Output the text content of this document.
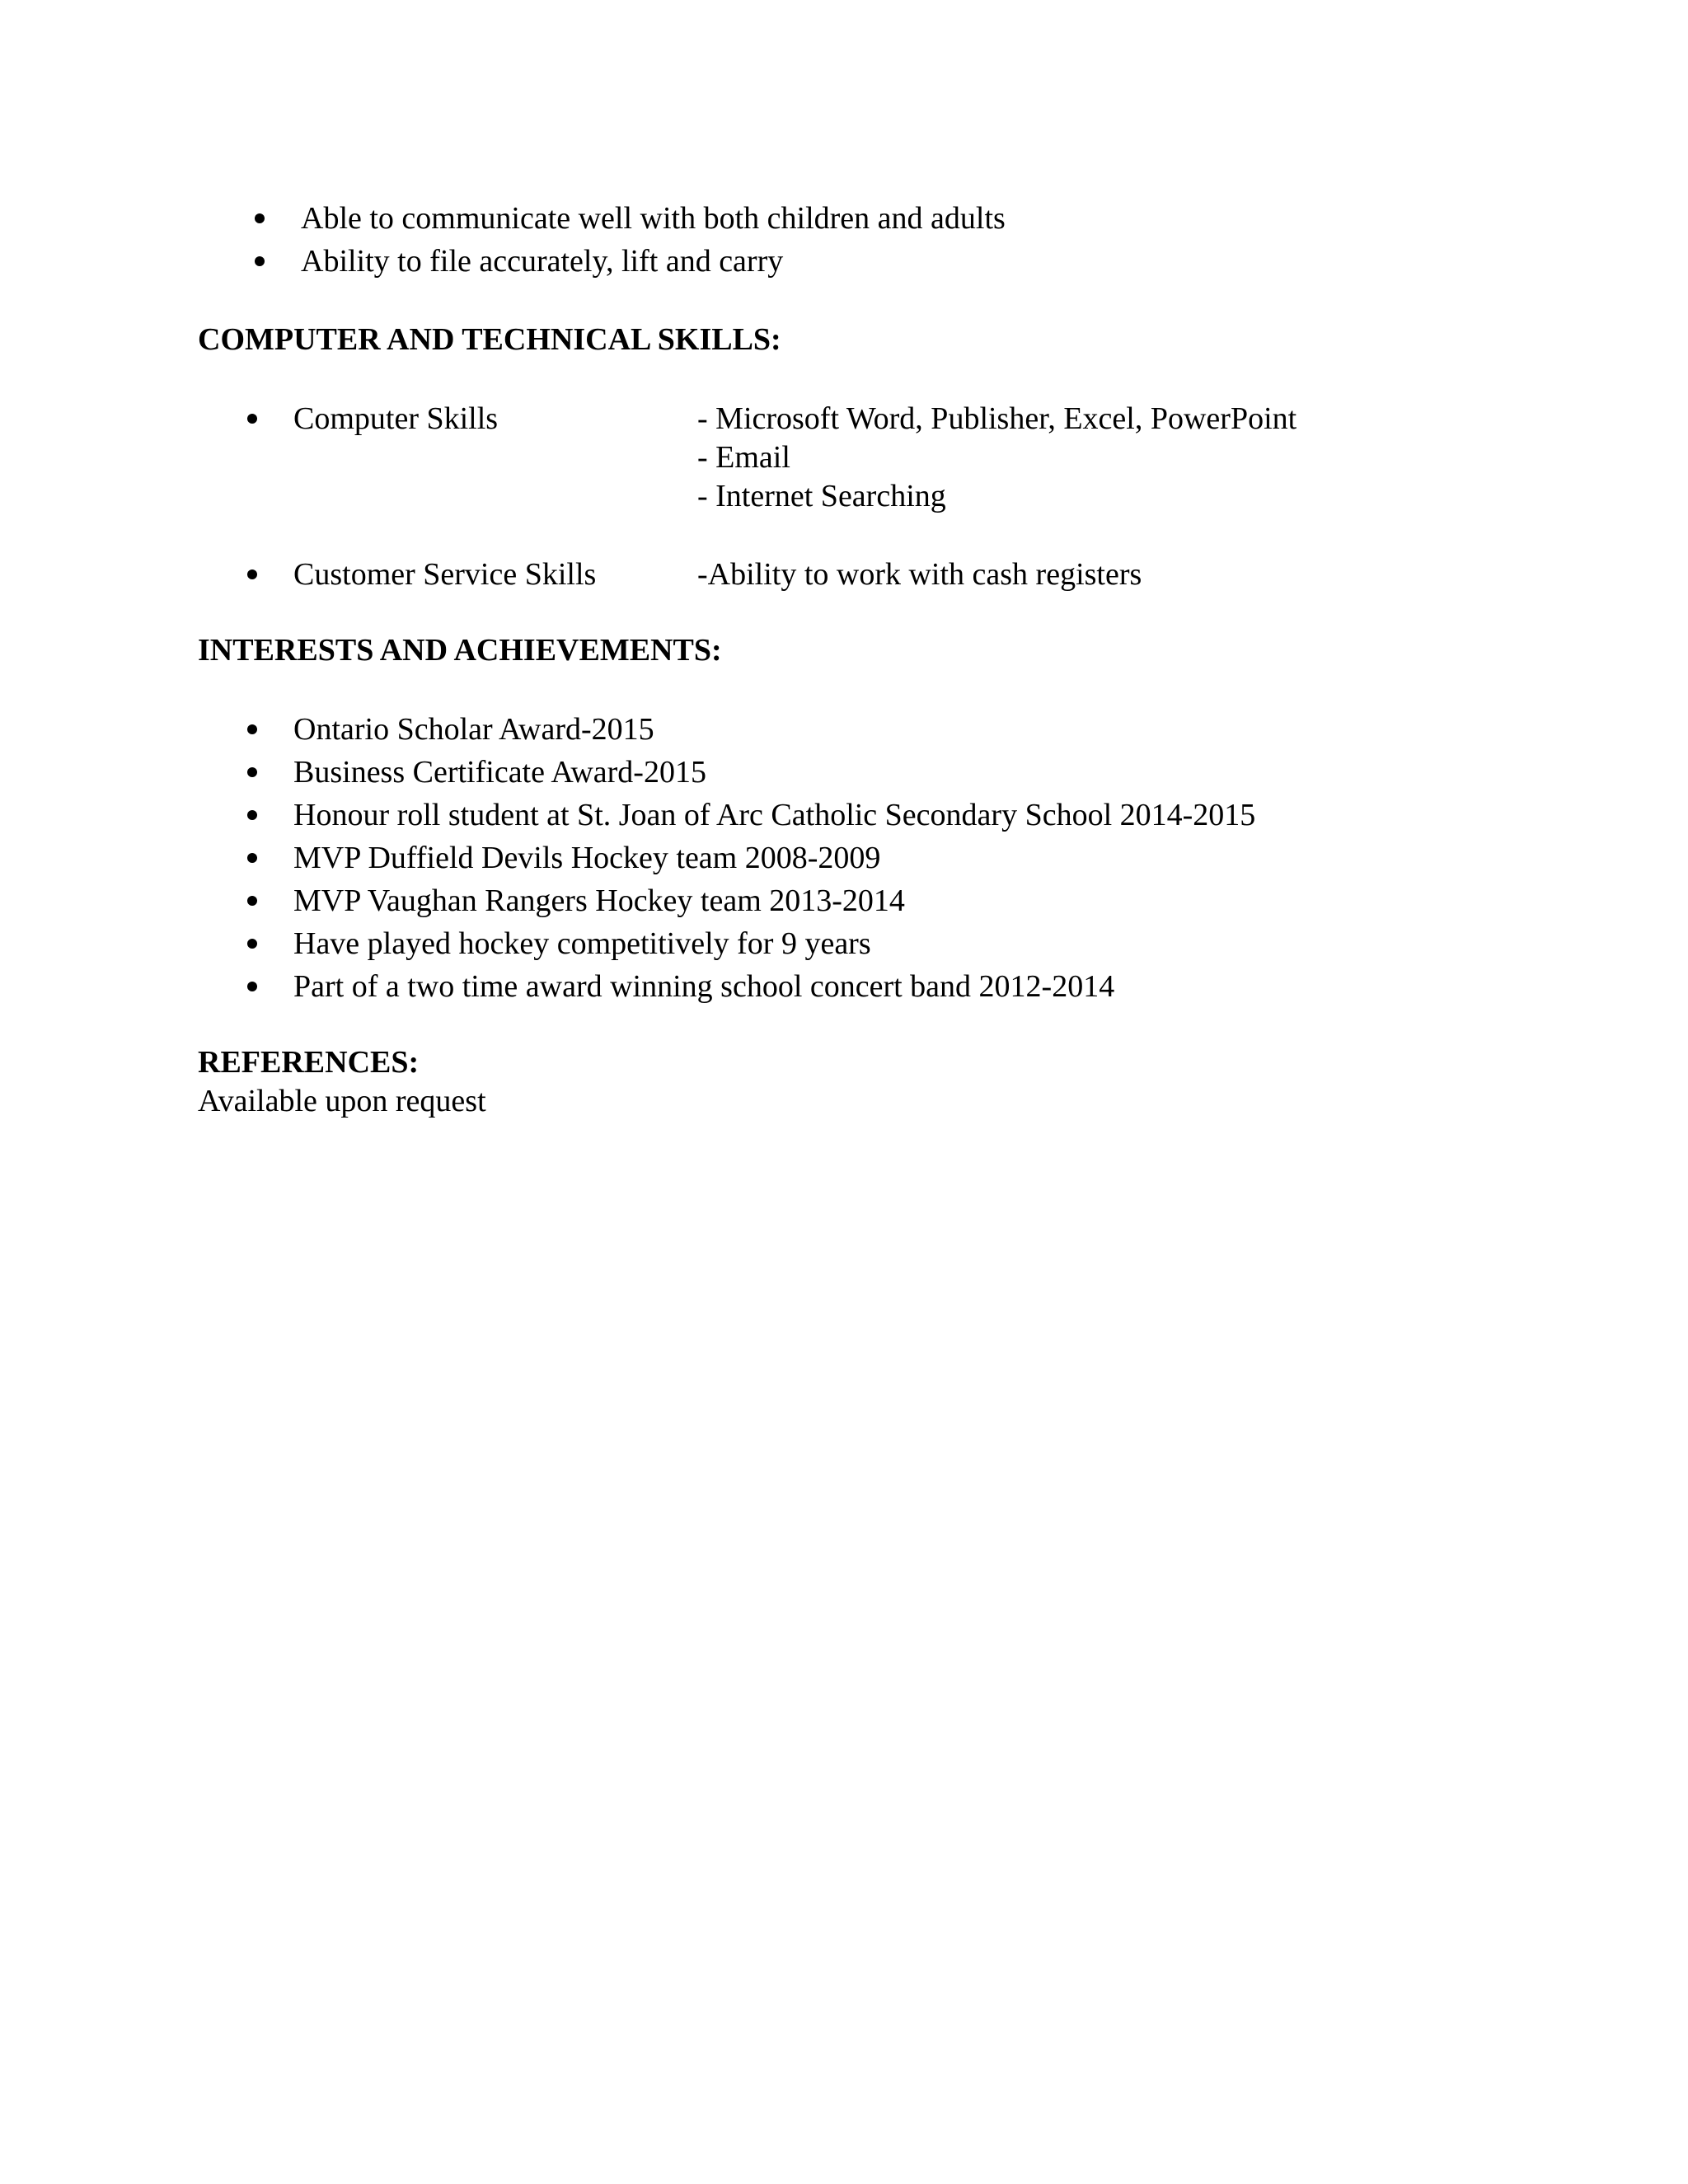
Able to communicate well with both children and adults
Ability to file accurately, lift and carry
COMPUTER AND TECHNICAL SKILLS:
Computer Skills	- Microsoft Word, Publisher, Excel, PowerPoint
- Email
- Internet Searching
Customer Service Skills	-Ability to work with cash registers
INTERESTS AND ACHIEVEMENTS:
Ontario Scholar Award-2015
Business Certificate Award-2015
Honour roll student at St. Joan of Arc Catholic Secondary School 2014-2015
MVP Duffield Devils Hockey team 2008-2009
MVP Vaughan Rangers Hockey team 2013-2014
Have played hockey competitively for 9 years
Part of a two time award winning school concert band 2012-2014
REFERENCES:
Available upon request
